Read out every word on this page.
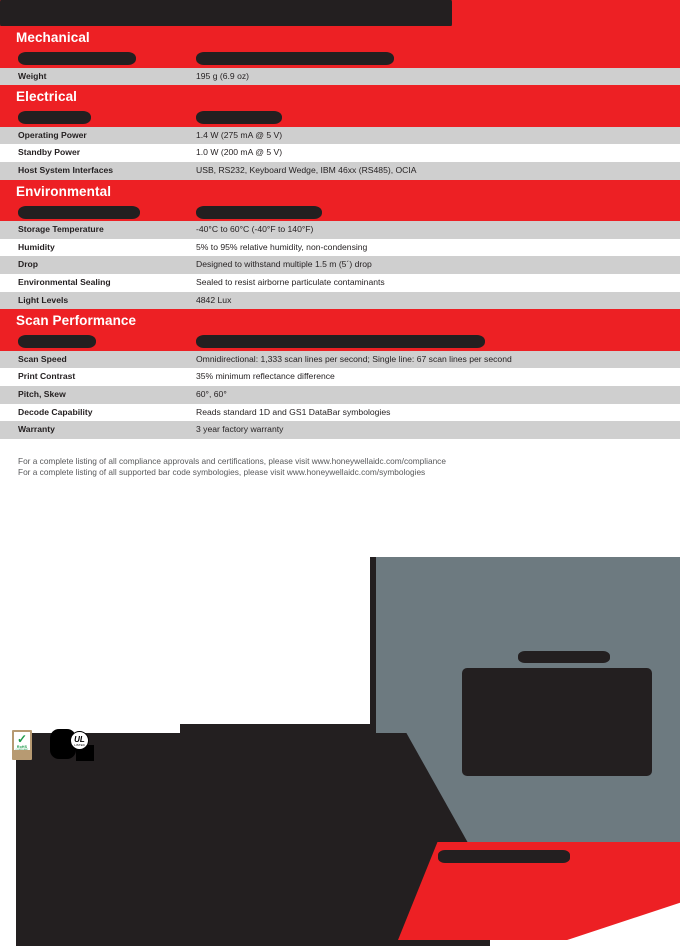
Mechanical
Weight	195 g (6.9 oz)
Electrical
Operating Power	1.4 W (275 mA @ 5 V)
Standby Power	1.0 W (200 mA @ 5 V)
Host System Interfaces	USB, RS232, Keyboard Wedge, IBM 46xx (RS485), OCIA
Environmental
Storage Temperature	-40°C to 60°C (-40°F to 140°F)
Humidity	5% to 95% relative humidity, non-condensing
Drop	Designed to withstand multiple 1.5 m (5´) drop
Environmental Sealing	Sealed to resist airborne particulate contaminants
Light Levels	4842 Lux
Scan Performance
Scan Speed	Omnidirectional: 1,333 scan lines per second; Single line: 67 scan lines per second
Print Contrast	35% minimum reflectance difference
Pitch, Skew	60°, 60°
Decode Capability	Reads standard 1D and GS1 DataBar symbologies
Warranty	3 year factory warranty
For a complete listing of all compliance approvals and certifications, please visit www.honeywellaidc.com/compliance
For a complete listing of all supported bar code symbologies, please visit www.honeywellaidc.com/symbologies
✓
RoHS
COMPLIANT
UL
LISTED
